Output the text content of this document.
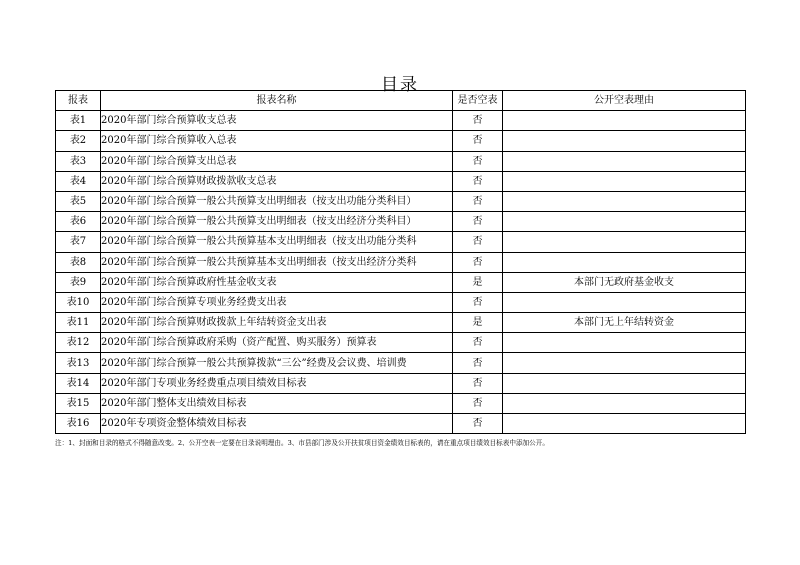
目录
报表	报表名称	是否空表	公开空表理由
表1	2020年部门综合预算收支总表	否	
表2	2020年部门综合预算收入总表	否	
表3	2020年部门综合预算支出总表	否	
表4	2020年部门综合预算财政拨款收支总表	否	
表5	2020年部门综合预算一般公共预算支出明细表（按支出功能分类科目）	否	
表6	2020年部门综合预算一般公共预算支出明细表（按支出经济分类科目）	否	
表7	2020年部门综合预算一般公共预算基本支出明细表（按支出功能分类科	否	
表8	2020年部门综合预算一般公共预算基本支出明细表（按支出经济分类科	否	
表9	2020年部门综合预算政府性基金收支表	是	本部门无政府基金收支
表10	2020年部门综合预算专项业务经费支出表	否	
表11	2020年部门综合预算财政拨款上年结转资金支出表	是	本部门无上年结转资金
表12	2020年部门综合预算政府采购（资产配置、购买服务）预算表	否	
表13	2020年部门综合预算一般公共预算拨款“三公”经费及会议费、培训费	否	
表14	2020年部门专项业务经费重点项目绩效目标表	否	
表15	2020年部门整体支出绩效目标表	否	
表16	2020年专项资金整体绩效目标表	否	
注：1、封面和目录的格式不得随意改变。2、公开空表一定要在目录说明理由。3、市县部门涉及公开扶贫项目资金绩效目标表的，请在重点项目绩效目标表中添加公开。
